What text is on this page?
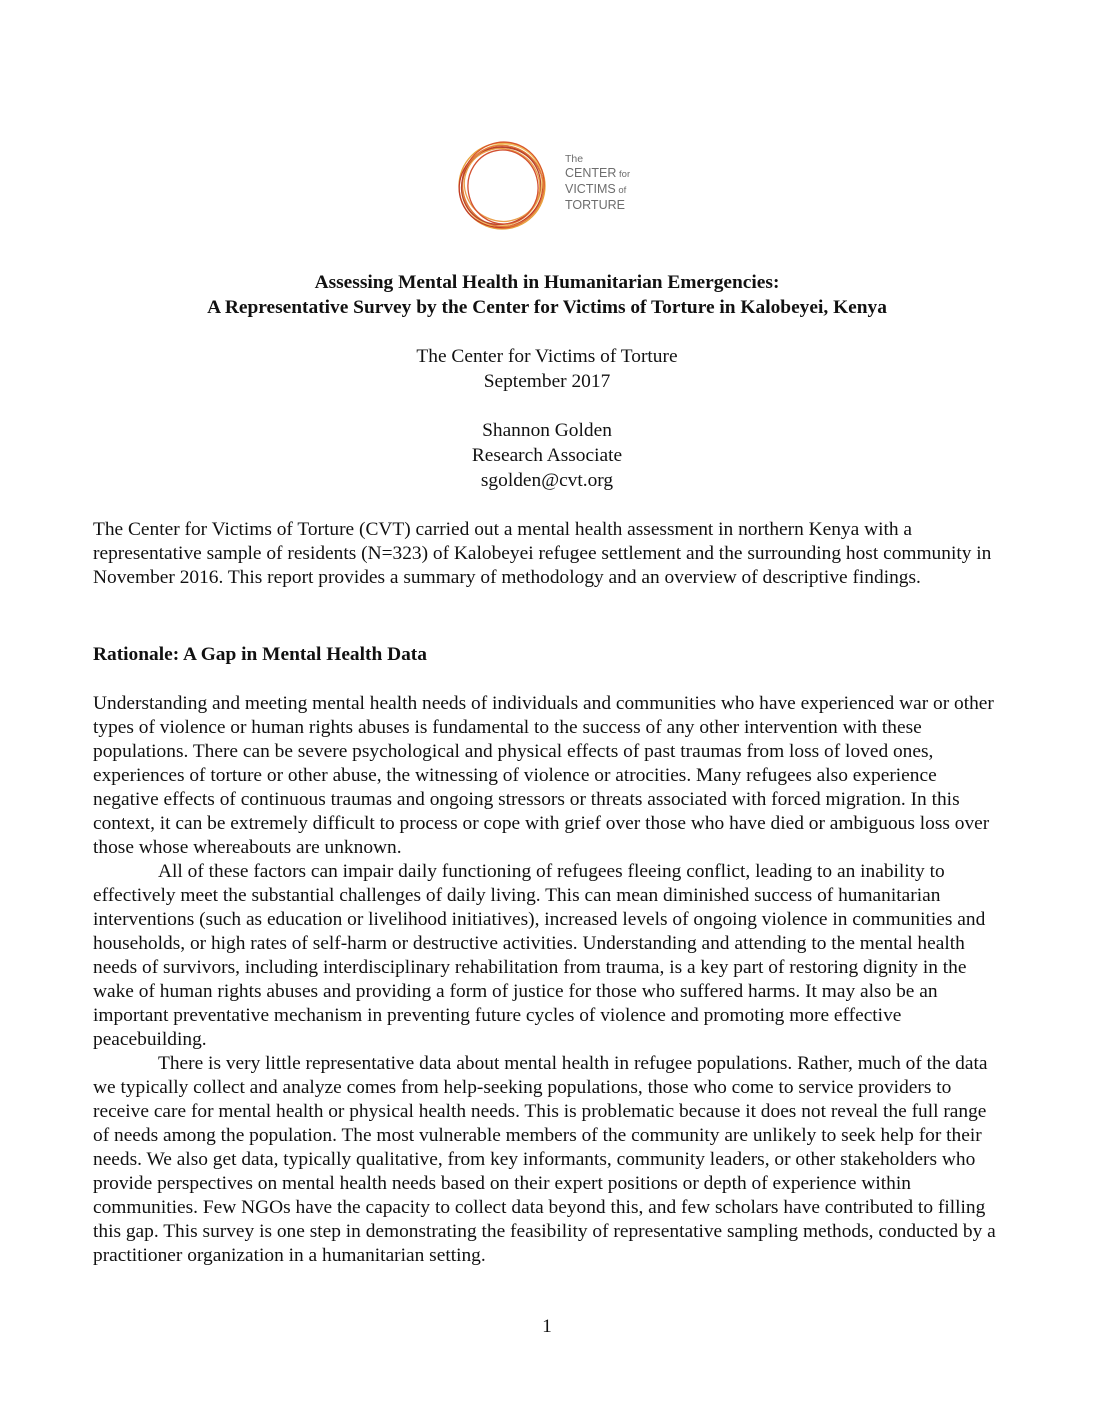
The
CENTER for
VICTIMS of
TORTURE
Assessing Mental Health in Humanitarian Emergencies:
A Representative Survey by the Center for Victims of Torture in Kalobeyei, Kenya
The Center for Victims of Torture
September 2017
Shannon Golden
Research Associate
sgolden@cvt.org
The Center for Victims of Torture (CVT) carried out a mental health assessment in northern Kenya with a representative sample of residents (N=323) of Kalobeyei refugee settlement and the surrounding host community in November 2016. This report provides a summary of methodology and an overview of descriptive findings.
Rationale: A Gap in Mental Health Data

Understanding and meeting mental health needs of individuals and communities who have experienced war or other types of violence or human rights abuses is fundamental to the success of any other intervention with these populations. There can be severe psychological and physical effects of past traumas from loss of loved ones, experiences of torture or other abuse, the witnessing of violence or atrocities. Many refugees also experience negative effects of continuous traumas and ongoing stressors or threats associated with forced migration. In this context, it can be extremely difficult to process or cope with grief over those who have died or ambiguous loss over those whose whereabouts are unknown.

All of these factors can impair daily functioning of refugees fleeing conflict, leading to an inability to effectively meet the substantial challenges of daily living. This can mean diminished success of humanitarian interventions (such as education or livelihood initiatives), increased levels of ongoing violence in communities and households, or high rates of self-harm or destructive activities. Understanding and attending to the mental health needs of survivors, including interdisciplinary rehabilitation from trauma, is a key part of restoring dignity in the wake of human rights abuses and providing a form of justice for those who suffered harms. It may also be an important preventative mechanism in preventing future cycles of violence and promoting more effective peacebuilding.

There is very little representative data about mental health in refugee populations. Rather, much of the data we typically collect and analyze comes from help-seeking populations, those who come to service providers to receive care for mental health or physical health needs. This is problematic because it does not reveal the full range of needs among the population. The most vulnerable members of the community are unlikely to seek help for their needs. We also get data, typically qualitative, from key informants, community leaders, or other stakeholders who provide perspectives on mental health needs based on their expert positions or depth of experience within communities. Few NGOs have the capacity to collect data beyond this, and few scholars have contributed to filling this gap. This survey is one step in demonstrating the feasibility of representative sampling methods, conducted by a practitioner organization in a humanitarian setting.

1
